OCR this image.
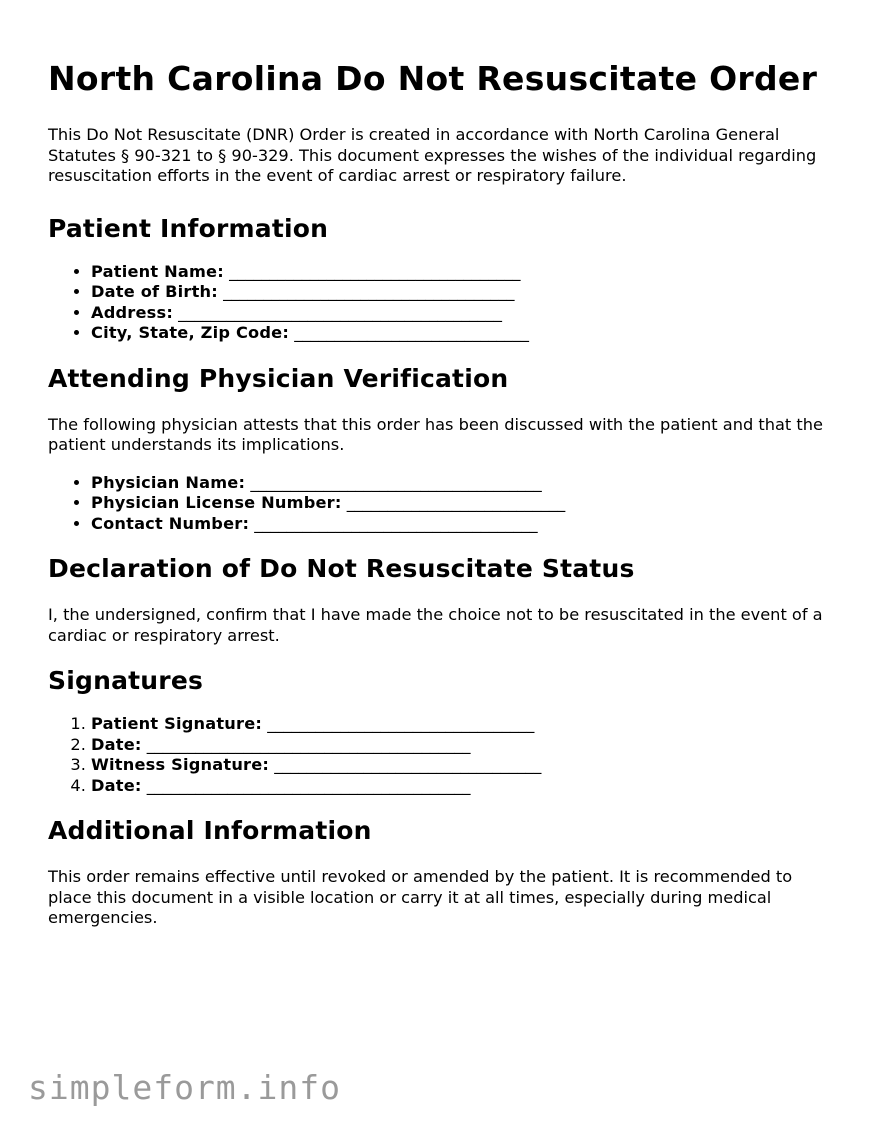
North Carolina Do Not Resuscitate Order

This Do Not Resuscitate (DNR) Order is created in accordance with North Carolina General Statutes § 90-321 to § 90-329. This document expresses the wishes of the individual regarding resuscitation efforts in the event of cardiac arrest or respiratory failure.

Patient Information
• Patient Name: ____________________________________
• Date of Birth: ____________________________________
• Address: ________________________________________
• City, State, Zip Code: _____________________________
Attending Physician Verification

The following physician attests that this order has been discussed with the patient and that the patient understands its implications.

• Physician Name: ____________________________________
• Physician License Number: ___________________________
• Contact Number: ___________________________________
Declaration of Do Not Resuscitate Status

I, the undersigned, confirm that I have made the choice not to be resuscitated in the event of a cardiac or respiratory arrest.

Signatures
1. Patient Signature: _________________________________
2. Date: ________________________________________
3. Witness Signature: _________________________________
4. Date: ________________________________________
Additional Information

This order remains effective until revoked or amended by the patient. It is recommended to place this document in a visible location or carry it at all times, especially during medical emergencies.

simpleform.info
